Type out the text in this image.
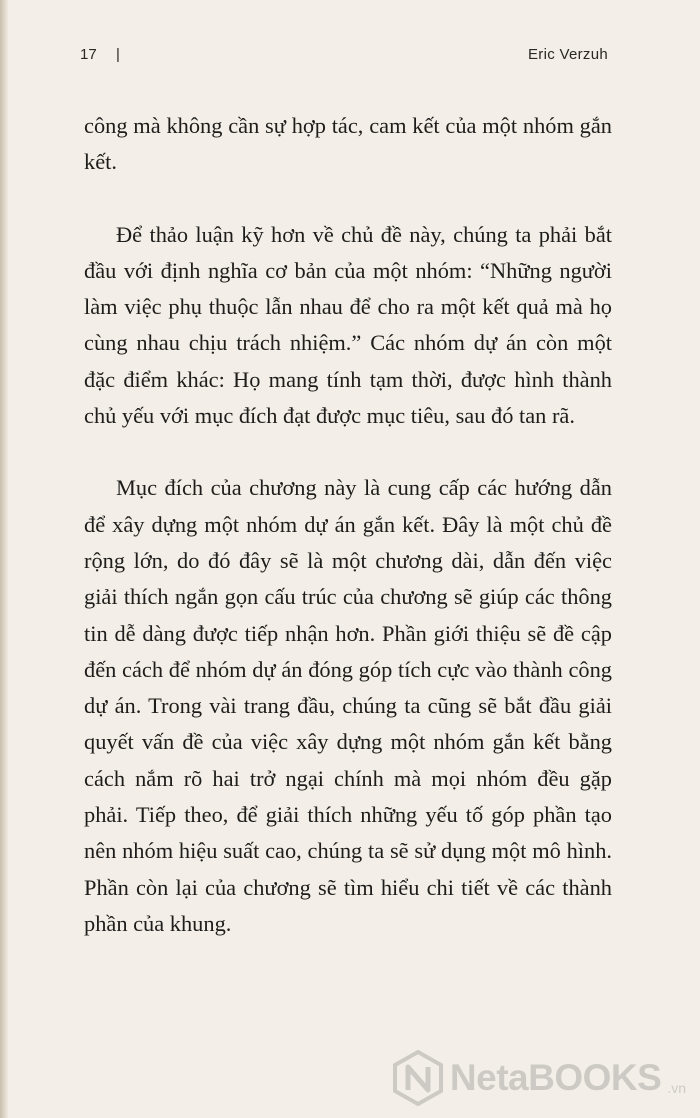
17 |	Eric Verzuh

công mà không cần sự hợp tác, cam kết của một nhóm gắn kết.

Để thảo luận kỹ hơn về chủ đề này, chúng ta phải bắt đầu với định nghĩa cơ bản của một nhóm: “Những người làm việc phụ thuộc lẫn nhau để cho ra một kết quả mà họ cùng nhau chịu trách nhiệm.” Các nhóm dự án còn một đặc điểm khác: Họ mang tính tạm thời, được hình thành chủ yếu với mục đích đạt được mục tiêu, sau đó tan rã.

Mục đích của chương này là cung cấp các hướng dẫn để xây dựng một nhóm dự án gắn kết. Đây là một chủ đề rộng lớn, do đó đây sẽ là một chương dài, dẫn đến việc giải thích ngắn gọn cấu trúc của chương sẽ giúp các thông tin dễ dàng được tiếp nhận hơn. Phần giới thiệu sẽ đề cập đến cách để nhóm dự án đóng góp tích cực vào thành công dự án. Trong vài trang đầu, chúng ta cũng sẽ bắt đầu giải quyết vấn đề của việc xây dựng một nhóm gắn kết bằng cách nắm rõ hai trở ngại chính mà mọi nhóm đều gặp phải. Tiếp theo, để giải thích những yếu tố góp phần tạo nên nhóm hiệu suất cao, chúng ta sẽ sử dụng một mô hình. Phần còn lại của chương sẽ tìm hiểu chi tiết về các thành phần của khung.

NetaBOOKS .vn
